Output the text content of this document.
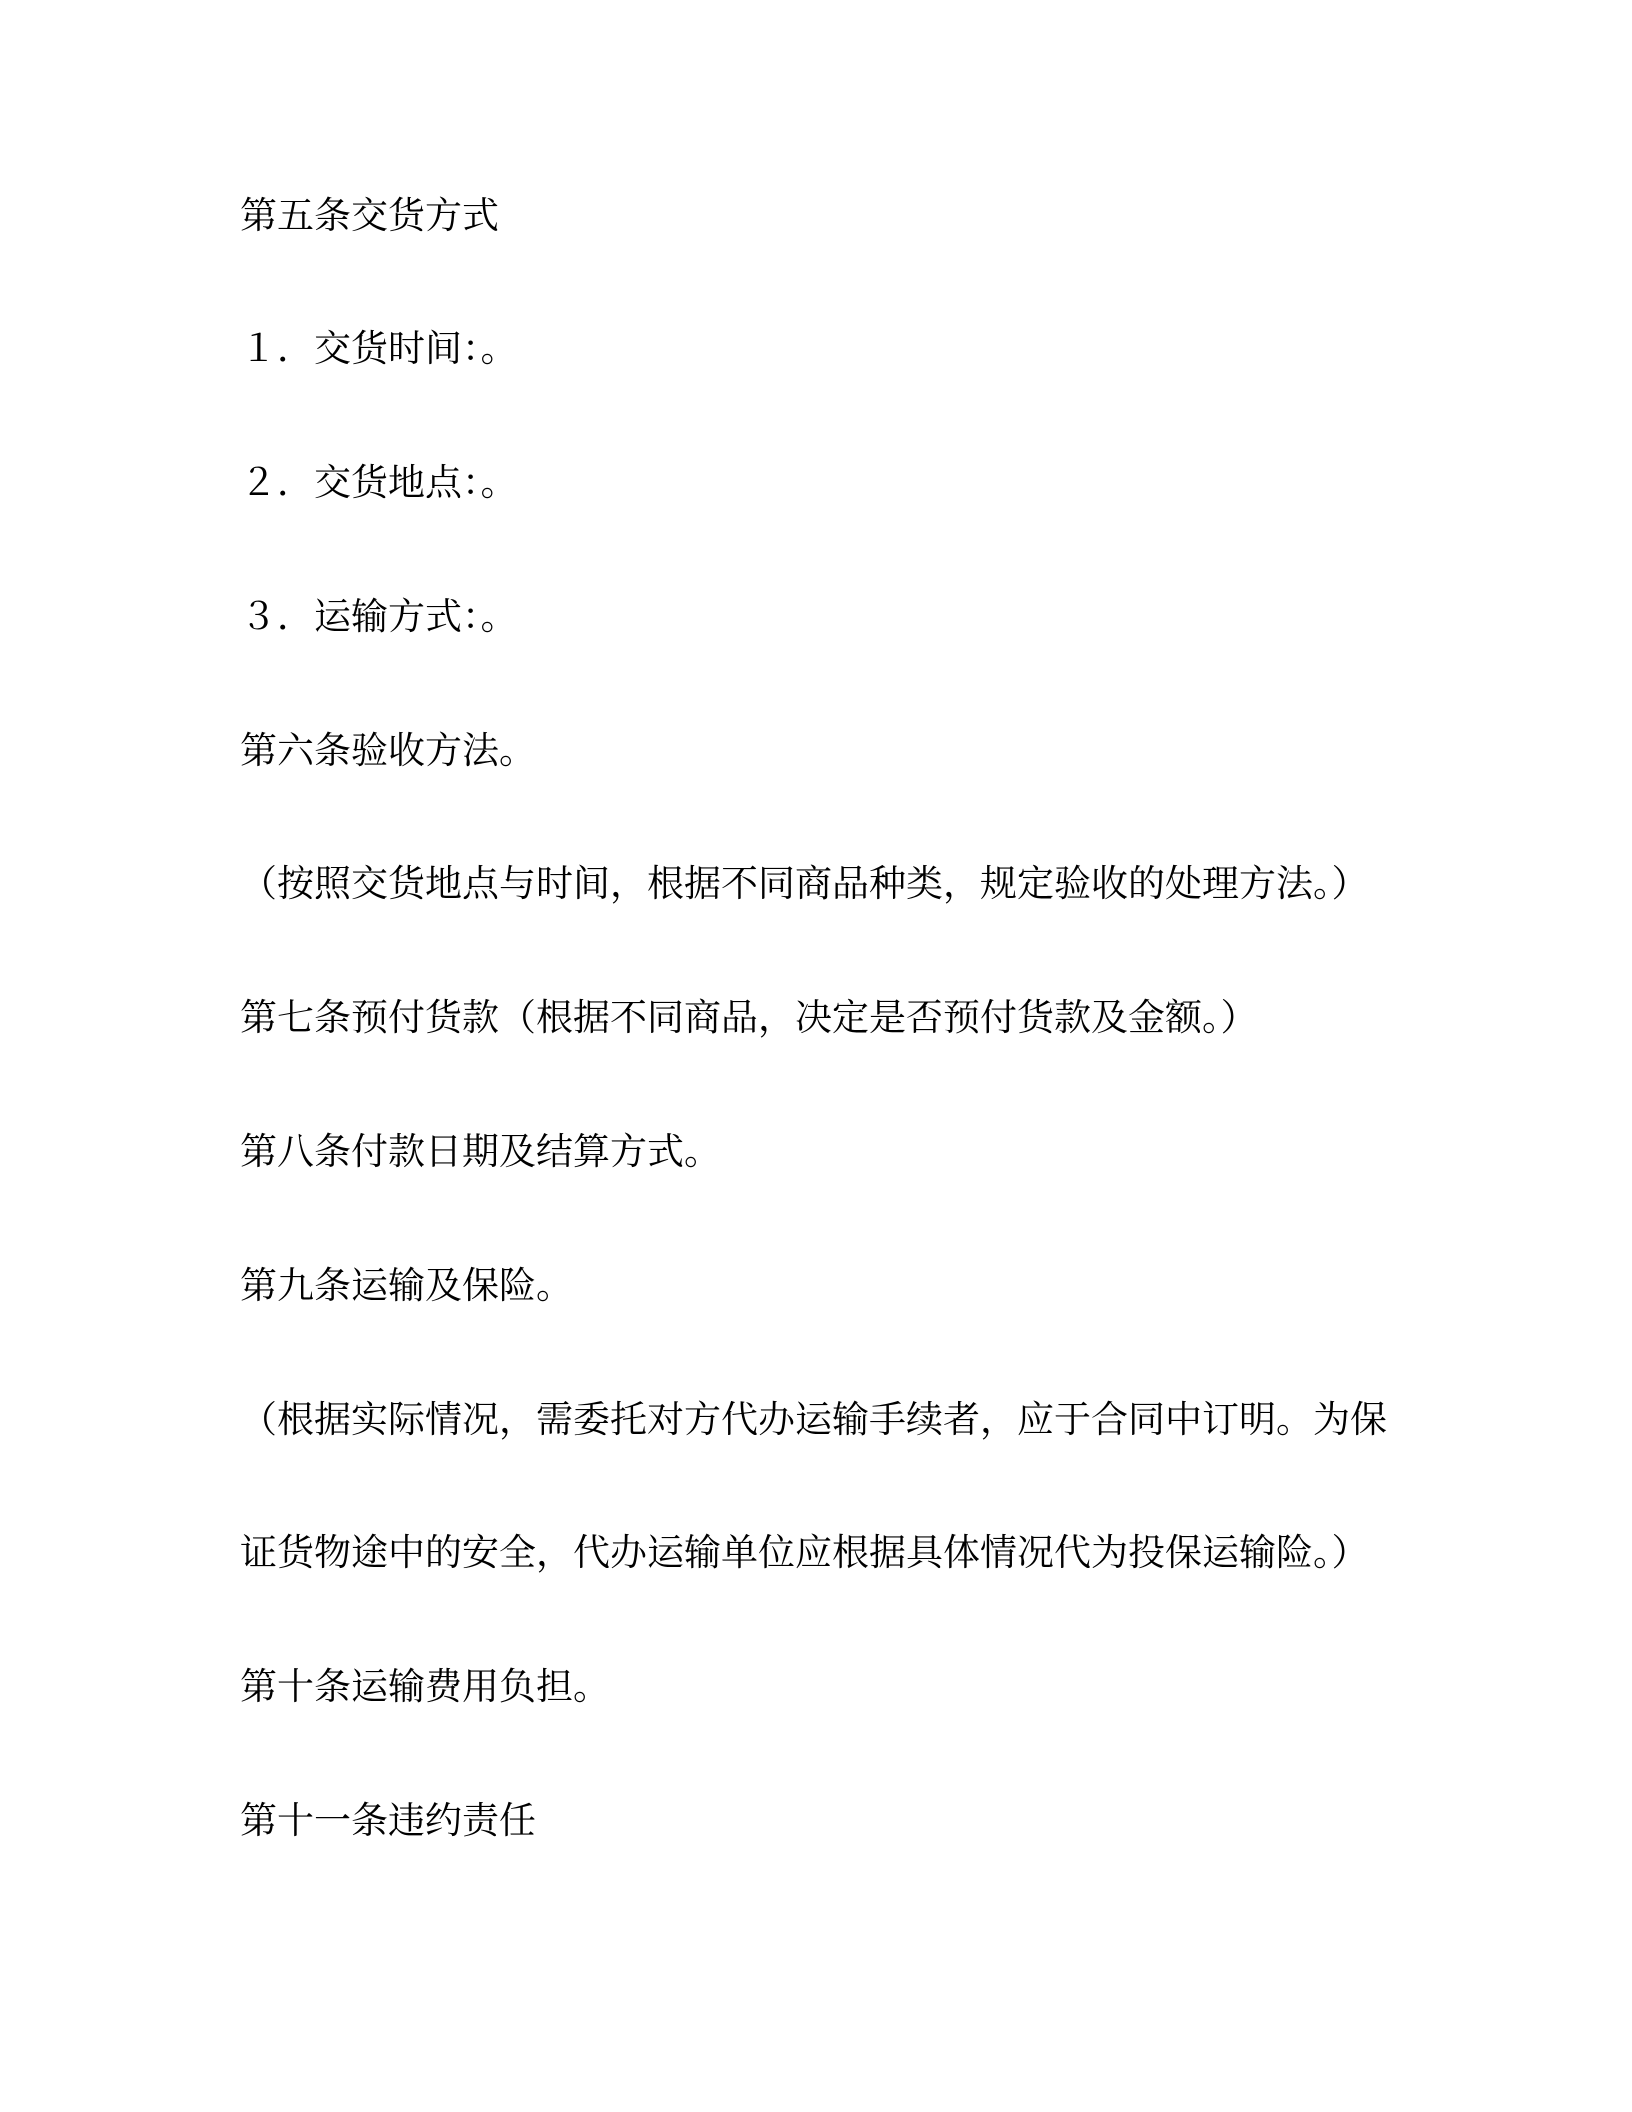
第五条交货方式
１．交货时间：。
２．交货地点：。
３．运输方式：。
第六条验收方法。
（按照交货地点与时间，根据不同商品种类，规定验收的处理方法。）
第七条预付货款（根据不同商品，决定是否预付货款及金额。）
第八条付款日期及结算方式。
第九条运输及保险。
（根据实际情况，需委托对方代办运输手续者，应于合同中订明。为保
证货物途中的安全，代办运输单位应根据具体情况代为投保运输险。）
第十条运输费用负担。
第十一条违约责任
